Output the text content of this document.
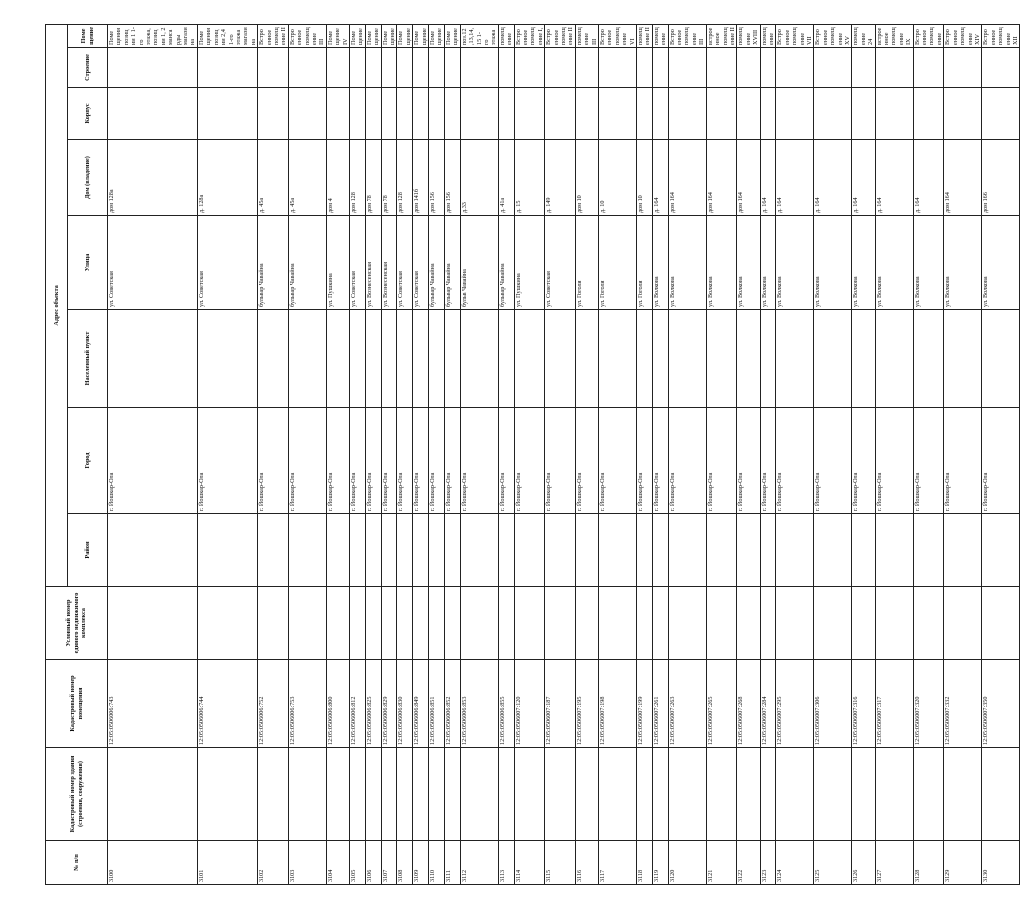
№ п/п	Кадастровый номер здания (строения, сооружения)	Кадастровый номер помещения	Условный номер единого недвижимого комплекса	Адрес объекта							
				Район	Город	Населенный пункт	Улица	Дом (владение)	Корпус	Строение	Помещение
3100		12:05:0506006:743			г. Йошкар-Ола		ул. Советская	дом 128а			Помещения позиции 1 1-го этажа, позиции 1, 2 мансарды магазина
3101		12:05:0506006:744			г. Йошкар-Ола		ул. Советская	д. 128а			Помещения позиции 2,4 1-го этажа магазина
3102		12:05:0506006:752			г. Йошкар-Ола		бульвар Чавайна	д. 45а			Встроенное помещение II
3103		12:05:0506006:753			г. Йошкар-Ола		бульвар Чавайна	д. 45а			Встроенное помещение III
3104		12:05:0506006:800			г. Йошкар-Ола		ул. Пушкина	дом 4			Помещение IV
3105		12:05:0506006:812			г. Йошкар-Ола		ул. Советская	дом 128			Помещение
3106		12:05:0506006:825			г. Йошкар-Ола		ул. Вознесенская	дом 78			Помещение
3107		12:05:0506006:829			г. Йошкар-Ола		ул. Вознесенская	дом 78			Помещение
3108		12:05:0506006:830			г. Йошкар-Ола		ул. Советская	дом 128			Помещение
3109		12:05:0506006:849			г. Йошкар-Ола		ул. Советская	дом 141б			Помещение
3110		12:05:0506006:851			г. Йошкар-Ола		бульвар Чавайна	дом 156			Помещение
3111		12:05:0506006:852			г. Йошкар-Ола		бульвар Чавайна	дом 156			Помещение
3112		12:05:0506006:853			г. Йошкар-Ола		бульв Чавайна	д.33			поз.12,13,14,15 1-го этажа
3113		12:05:0506006:855			г. Йошкар-Ола		бульвар Чавайна	д. 41а			помещение
3114		12:05:0506007:120			г. Йошкар-Ола		ул. Пушкина	д. 15			Встроенное помещение I,
3115		12:05:0506007:187			г. Йошкар-Ола		ул. Советская	д. 149			Встроенное помещение II
3116		12:05:0506007:195			г. Йошкар-Ола		ул. Гоголя	дом 10			помещение III
3117		12:05:0506007:198			г. Йошкар-Ола		ул. Гоголя	д. 10			Встроенное помещение VI
3118		12:05:0506007:199			г. Йошкар-Ола		ул. Гоголя	дом 10			помещение II
3119		12:05:0506007:261			г. Йошкар-Ола		ул. Волкова	д. 164			помещение
3120		12:05:0506007:263			г. Йошкар-Ола		ул. Волкова	дом 164			Встроенное помещение III
3121		12:05:0506007:265			г. Йошкар-Ола		ул. Волкова	дом 164			встроенное помещение II
3122		12:05:0506007:268			г. Йошкар-Ола		ул. Волкова	дом 164			помещение XVIII
3123		12:05:0506007:284			г. Йошкар-Ола		ул. Волкова	д. 164			помещение
3124		12:05:0506007:295			г. Йошкар-Ола		ул. Волкова	д. 164			Встроенное помещение VII
3125		12:05:0506007:306			г. Йошкар-Ола		ул. Волкова	д. 164			Встроенное помещение XV
3126		12:05:0506007:316			г. Йошкар-Ола		ул. Волкова	д. 164			помещение 24
3127		12:05:0506007:317			г. Йошкар-Ола		ул. Волкова	д. 164			встроенное помещение IX
3128		12:05:0506007:320			г. Йошкар-Ола		ул. Волкова	д. 164			Встроенное помещение
3129		12:05:0506007:332			г. Йошкар-Ола		ул. Волкова	дом 164			Встроенное помещение XIV
3130		12:05:0506007:350			г. Йошкар-Ола		ул. Волкова	дом 166			Встроенное помещение XII
